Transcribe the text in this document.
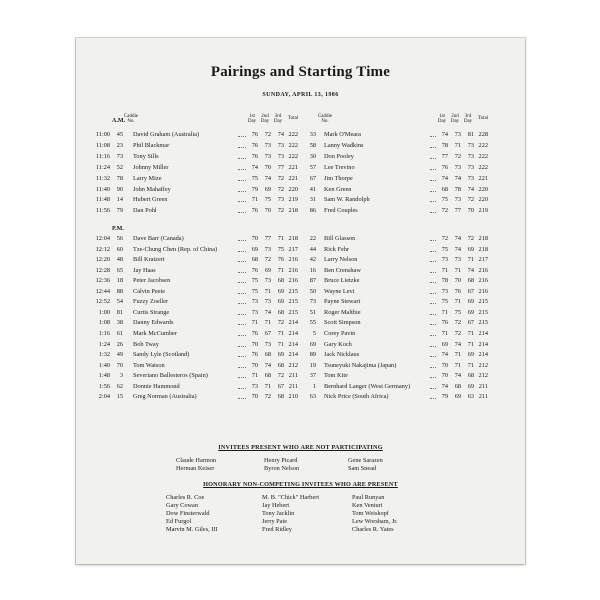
Pairings and Starting Time
SUNDAY, APRIL 13, 1986
Caddie No.
1st Day
2nd Day
3rd Day
Total	Caddie No.
1st Day
2nd Day
3rd Day
Total
A.M.
11:00	45 David Graham (Australia)	76	72	74 222	33 Mark O'Meara	74	73	81 228
11:08	23 Phil Blackmar	76	73	73 222	58 Lanny Wadkins	78	71	73 222
11:16	73 Tony Sills	76	73	73 222	30 Don Pooley	77	72	73 222
11:24	52 Johnny Miller	74	70	77 221	57 Lee Trevino	76	73	73 222
11:32	78 Larry Mize	75	74	72 221	67 Jim Thorpe	74	74	73 221
11:40	90 John Mahaffey	79	69	72 220	41 Ken Green	68	78	74 220
11:48	14 Hubert Green	71	75	73 219	31 Sam W. Randolph	75	73	72 220
11:56	79 Dan Pohl	76	70	72 218	86 Fred Couples	72	77	70 219
P.M.
12:04	56 Dave Barr (Canada)	70	77	71 218	22 Bill Glasson	72	74	72 218
12:12	60 Tze-Chung Chen (Rep. of China)	69	73	75 217	44 Rick Fehr	75	74	69 218
12:20	48 Bill Kratzert	68	72	76 216	42 Larry Nelson	73	73	71 217
12:28	65 Jay Haas	76	69	71 216	16 Ben Crenshaw	71	71	74 216
12:36	18 Peter Jacobsen	75	73	68 216	87 Bruce Lietzke	78	70	68 216
12:44	88 Calvin Peete	75	71	69 215	50 Wayne Levi	73	76	67 216
12:52	54 Fuzzy Zoeller	73	73	69 215	73 Payne Stewart	75	71	69 215
1:00	81 Curtis Strange	73	74	68 215	51 Roger Maltbie	71	75	69 215
1:08	38 Danny Edwards	71	71	72 214	55 Scott Simpson	76	72	67 215
1:16	61 Mark McCumber	76	67	71 214	5 Corey Pavin	71	72	71 214
1:24	26 Bob Tway	70	73	71 214	69 Gary Koch	69	74	71 214
1:32	49 Sandy Lyle (Scotland)	76	68	69 214	89 Jack Nicklaus	74	71	69 214
1:40	70 Tom Watson	70	74	68 212	19 Tsuneyuki Nakajima (Japan)	70	71	71 212
1:48	3 Severiano Ballesteros (Spain)	71	68	72 211	37 Tom Kite	70	74	68 212
1:56	62 Donnie Hammond	73	71	67 211	1 Bernhard Langer (West Germany)	74	68	69 211
2:04	15 Greg Norman (Australia)	70	72	68 210	63 Nick Price (South Africa)	79	69	63 211
INVITEES PRESENT WHO ARE NOT PARTICIPATING
Claude Harmon
Herman Keiser
Henry Picard
Byron Nelson
Gene Sarazen
Sam Snead
HONORARY NON-COMPETING INVITEES WHO ARE PRESENT
Charles R. Coe
Gary Cowan
Dow Finsterwald
Ed Furgol
Marvin M. Giles, III
M. B. "Chick" Harbert
Jay Hebert
Tony Jacklin
Jerry Pate
Fred Ridley
Paul Runyan
Ken Venturi
Tom Weiskopf
Lew Worsham, Jr.
Charles R. Yates
